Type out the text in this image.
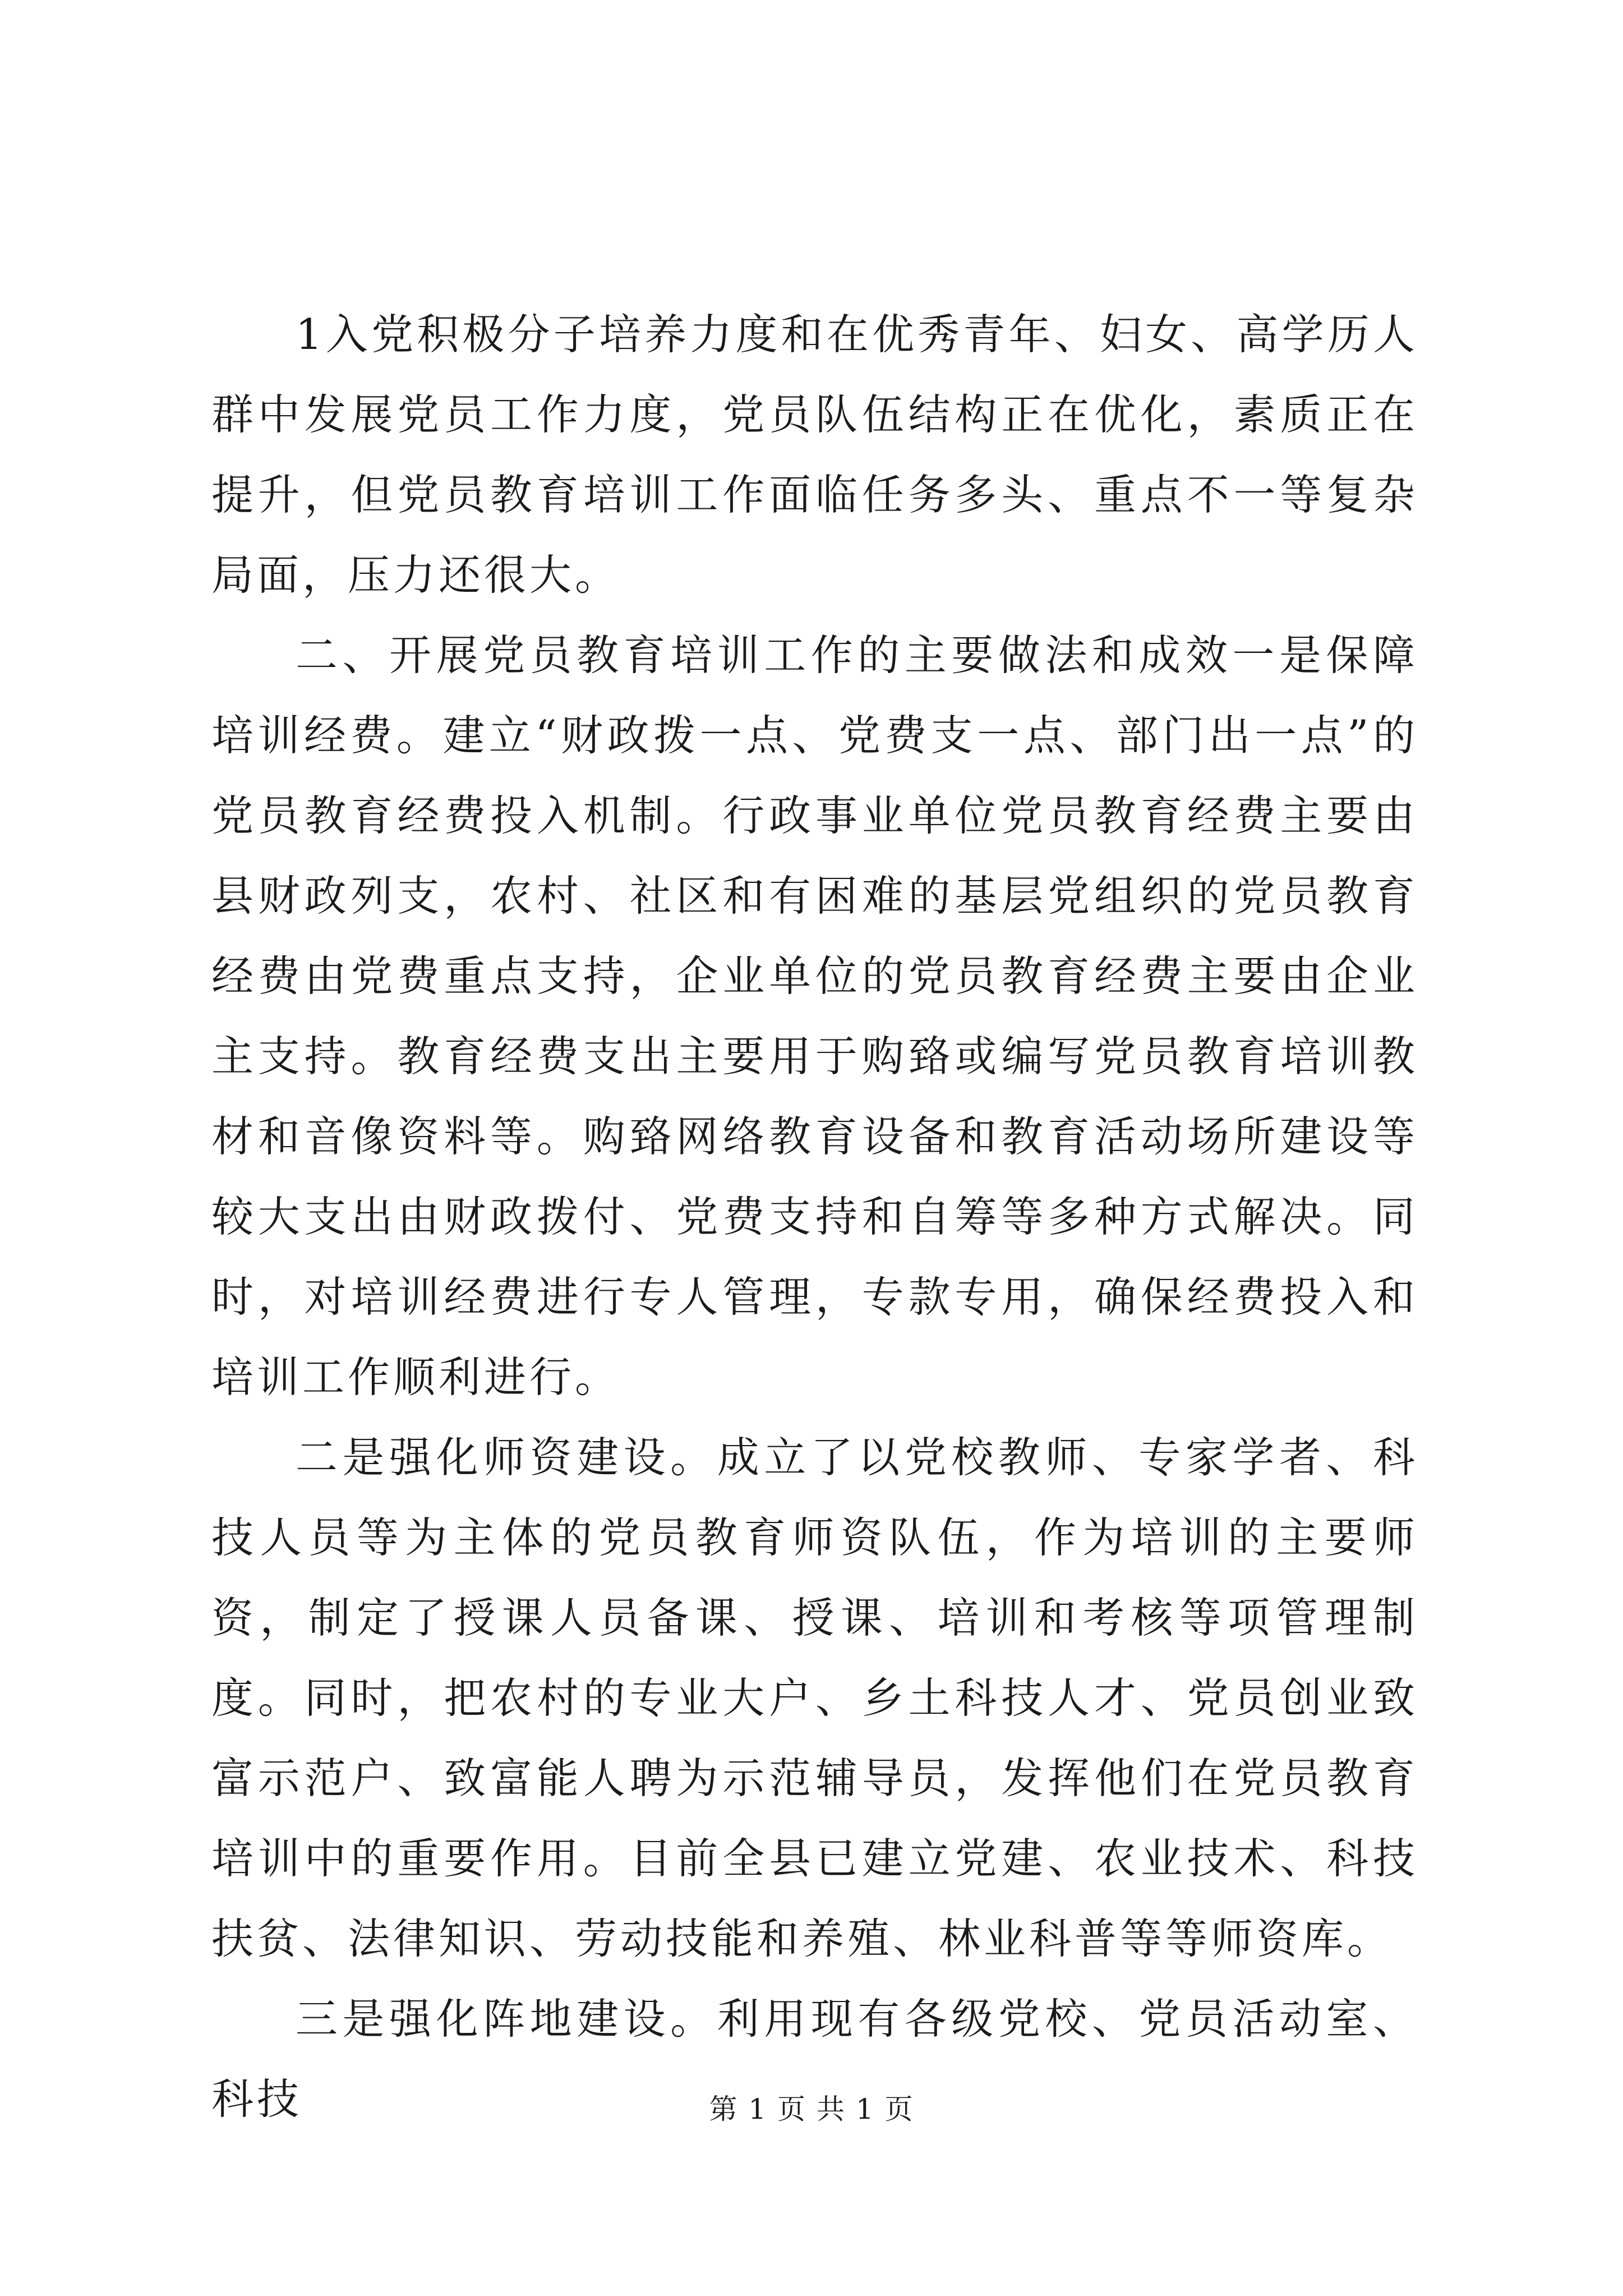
1入党积极分子培养力度和在优秀青年、妇女、高学历人群中发展党员工作力度，党员队伍结构正在优化，素质正在提升，但党员教育培训工作面临任务多头、重点不一等复杂局面，压力还很大。

二、开展党员教育培训工作的主要做法和成效一是保障培训经费。建立“财政拨一点、党费支一点、部门出一点”的党员教育经费投入机制。行政事业单位党员教育经费主要由县财政列支，农村、社区和有困难的基层党组织的党员教育经费由党费重点支持，企业单位的党员教育经费主要由企业主支持。教育经费支出主要用于购臵或编写党员教育培训教材和音像资料等。购臵网络教育设备和教育活动场所建设等较大支出由财政拨付、党费支持和自筹等多种方式解决。同时，对培训经费进行专人管理，专款专用，确保经费投入和培训工作顺利进行。

二是强化师资建设。成立了以党校教师、专家学者、科技人员等为主体的党员教育师资队伍，作为培训的主要师资，制定了授课人员备课、授课、培训和考核等项管理制度。同时，把农村的专业大户、乡土科技人才、党员创业致富示范户、致富能人聘为示范辅导员，发挥他们在党员教育培训中的重要作用。目前全县已建立党建、农业技术、科技扶贫、法律知识、劳动技能和养殖、林业科普等等师资库。

三是强化阵地建设。利用现有各级党校、党员活动室、科技	第 1 页 共 1 页
